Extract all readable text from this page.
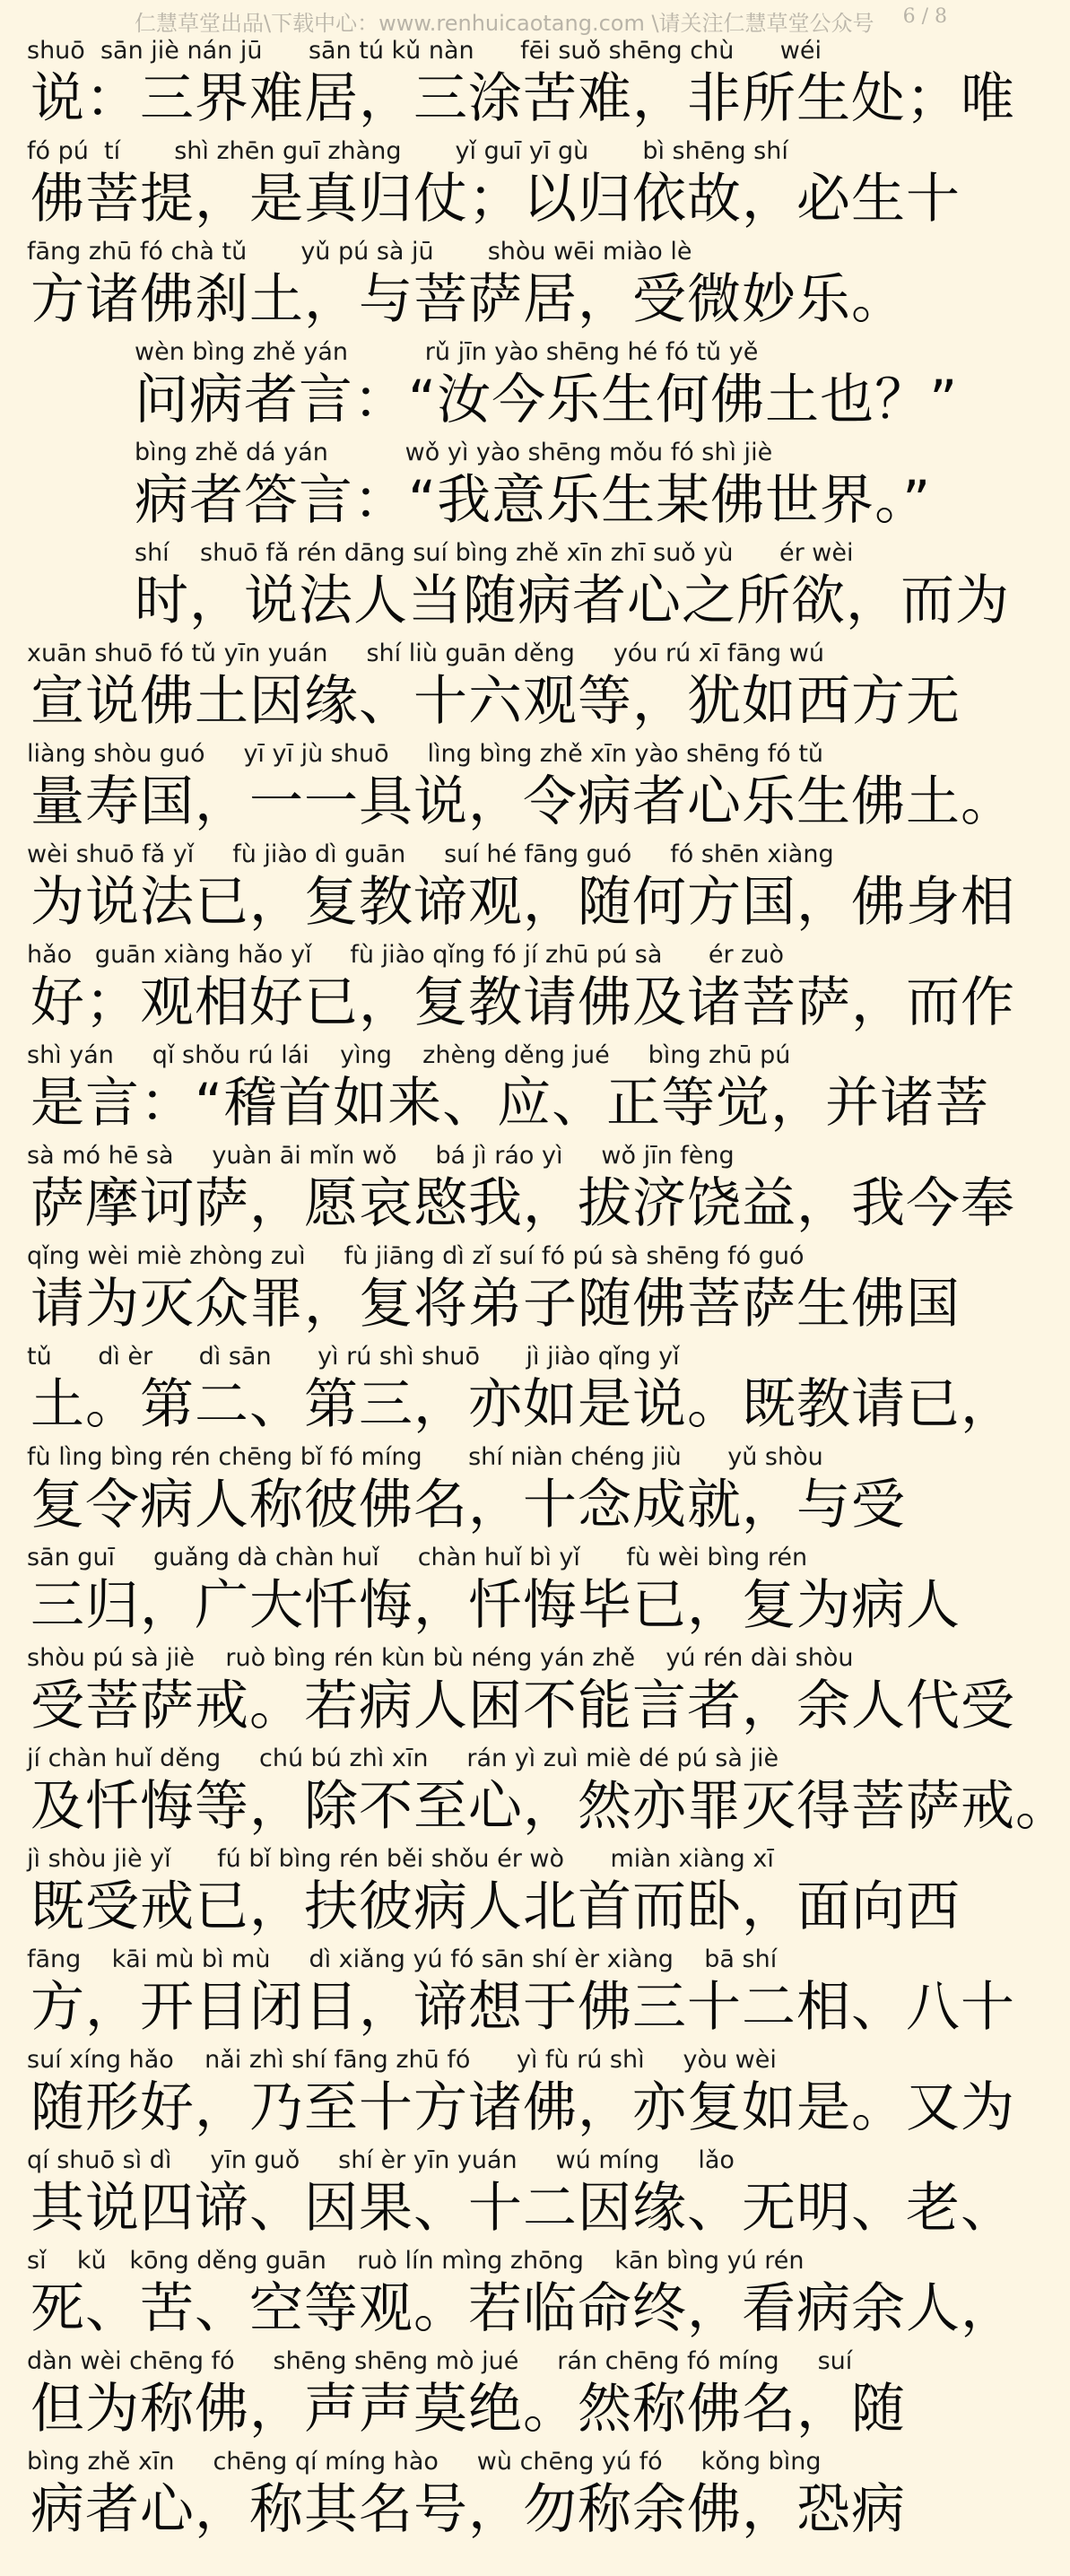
仁慧草堂出品\下载中心：www.renhuicaotang.com \请关注仁慧草堂公众号 6 / 8
shuō  sān jiè nán jū      sān tú kǔ nàn      fēi suǒ shēng chù      wéi
说：三界难居，三涂苦难，非所生处；唯
fó pú  tí       shì zhēn guī zhàng       yǐ guī yī gù       bì shēng shí
佛菩提，是真归仗；以归依故，必生十
fāng zhū fó chà tǔ       yǔ pú sà jū       shòu wēi miào lè
方诸佛刹土，与菩萨居，受微妙乐。
wèn bìng zhě yán          rǔ jīn yào shēng hé fó tǔ yě
问病者言：“汝今乐生何佛土也？”
bìng zhě dá yán          wǒ yì yào shēng mǒu fó shì jiè
病者答言：“我意乐生某佛世界。”
shí    shuō fǎ rén dāng suí bìng zhě xīn zhī suǒ yù      ér wèi
时，说法人当随病者心之所欲，而为
xuān shuō fó tǔ yīn yuán     shí liù guān děng     yóu rú xī fāng wú
宣说佛土因缘、十六观等，犹如西方无
liàng shòu guó     yī yī jù shuō     lìng bìng zhě xīn yào shēng fó tǔ
量寿国，一一具说，令病者心乐生佛土。
wèi shuō fǎ yǐ     fù jiào dì guān     suí hé fāng guó     fó shēn xiàng
为说法已，复教谛观，随何方国，佛身相
hǎo   guān xiàng hǎo yǐ     fù jiào qǐng fó jí zhū pú sà      ér zuò
好；观相好已，复教请佛及诸菩萨，而作
shì yán     qǐ shǒu rú lái    yìng    zhèng děng jué     bìng zhū pú
是言：“稽首如来、应、正等觉，并诸菩
sà mó hē sà     yuàn āi mǐn wǒ     bá jì ráo yì     wǒ jīn fèng
萨摩诃萨，愿哀愍我，拔济饶益，我今奉
qǐng wèi miè zhòng zuì     fù jiāng dì zǐ suí fó pú sà shēng fó guó
请为灭众罪，复将弟子随佛菩萨生佛国
tǔ      dì èr      dì sān      yì rú shì shuō      jì jiào qǐng yǐ
土。第二、第三，亦如是说。既教请已，
fù lìng bìng rén chēng bǐ fó míng      shí niàn chéng jiù      yǔ shòu
复令病人称彼佛名，十念成就，与受
sān guī     guǎng dà chàn huǐ     chàn huǐ bì yǐ      fù wèi bìng rén
三归，广大忏悔，忏悔毕已，复为病人
shòu pú sà jiè    ruò bìng rén kùn bù néng yán zhě    yú rén dài shòu
受菩萨戒。若病人困不能言者，余人代受
jí chàn huǐ děng     chú bú zhì xīn     rán yì zuì miè dé pú sà jiè
及忏悔等，除不至心，然亦罪灭得菩萨戒。
jì shòu jiè yǐ      fú bǐ bìng rén běi shǒu ér wò      miàn xiàng xī
既受戒已，扶彼病人北首而卧，面向西
fāng    kāi mù bì mù     dì xiǎng yú fó sān shí èr xiàng    bā shí
方，开目闭目，谛想于佛三十二相、八十
suí xíng hǎo    nǎi zhì shí fāng zhū fó      yì fù rú shì     yòu wèi
随形好，乃至十方诸佛，亦复如是。又为
qí shuō sì dì     yīn guǒ     shí èr yīn yuán     wú míng     lǎo
其说四谛、因果、十二因缘、无明、老、
sǐ    kǔ   kōng děng guān    ruò lín mìng zhōng    kān bìng yú rén
死、苦、空等观。若临命终，看病余人，
dàn wèi chēng fó     shēng shēng mò jué     rán chēng fó míng     suí
但为称佛，声声莫绝。然称佛名，随
bìng zhě xīn     chēng qí míng hào     wù chēng yú fó     kǒng bìng
病者心，称其名号，勿称余佛，恐病
